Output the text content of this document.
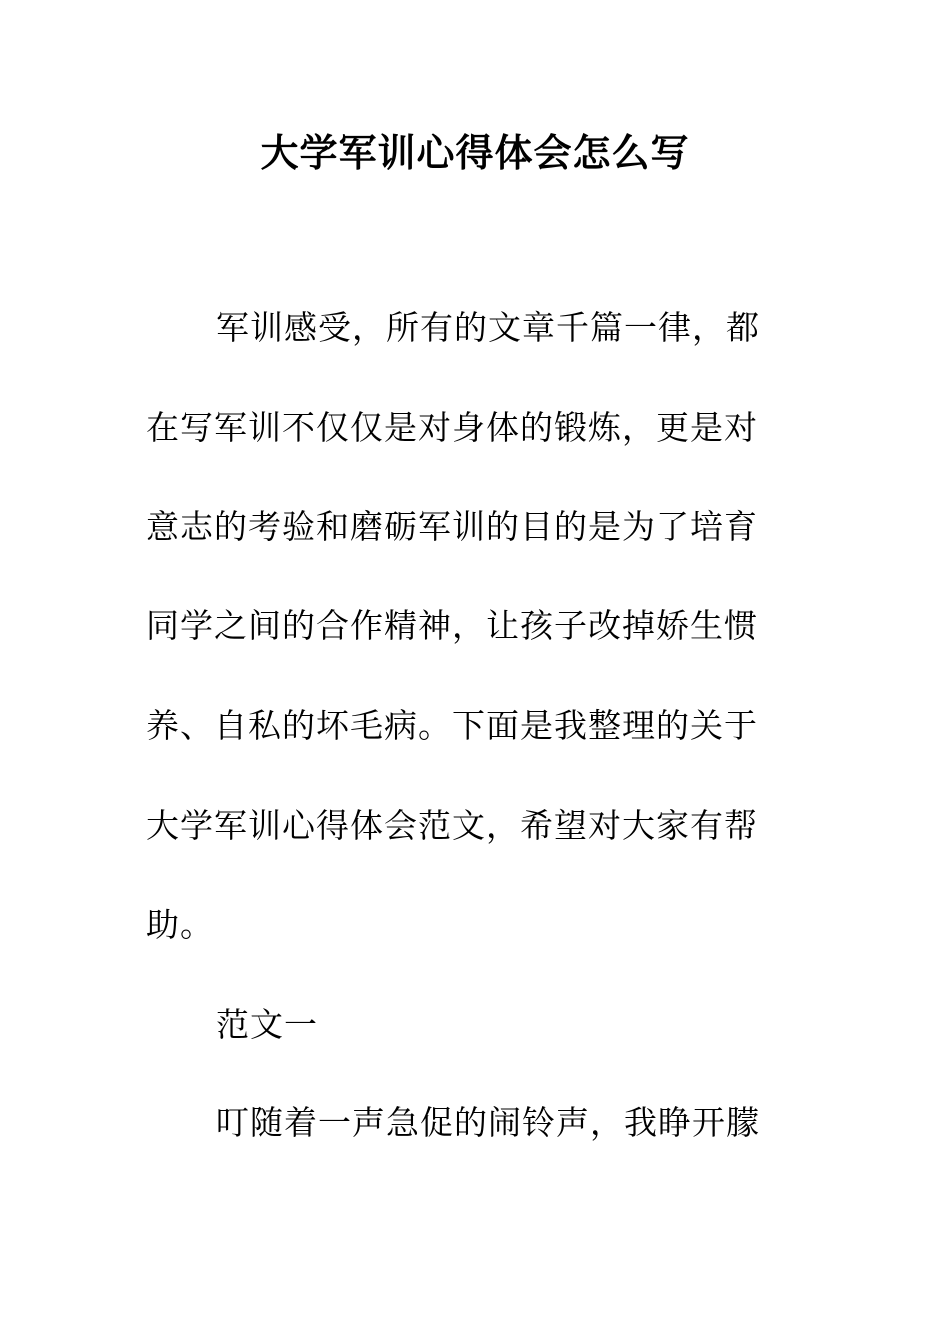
大学军训心得体会怎么写
军训感受，所有的文章千篇一律，都
在写军训不仅仅是对身体的锻炼，更是对
意志的考验和磨砺军训的目的是为了培育
同学之间的合作精神，让孩子改掉娇生惯
养、自私的坏毛病。下面是我整理的关于
大学军训心得体会范文，希望对大家有帮
助。
范文一
叮随着一声急促的闹铃声，我睁开朦
